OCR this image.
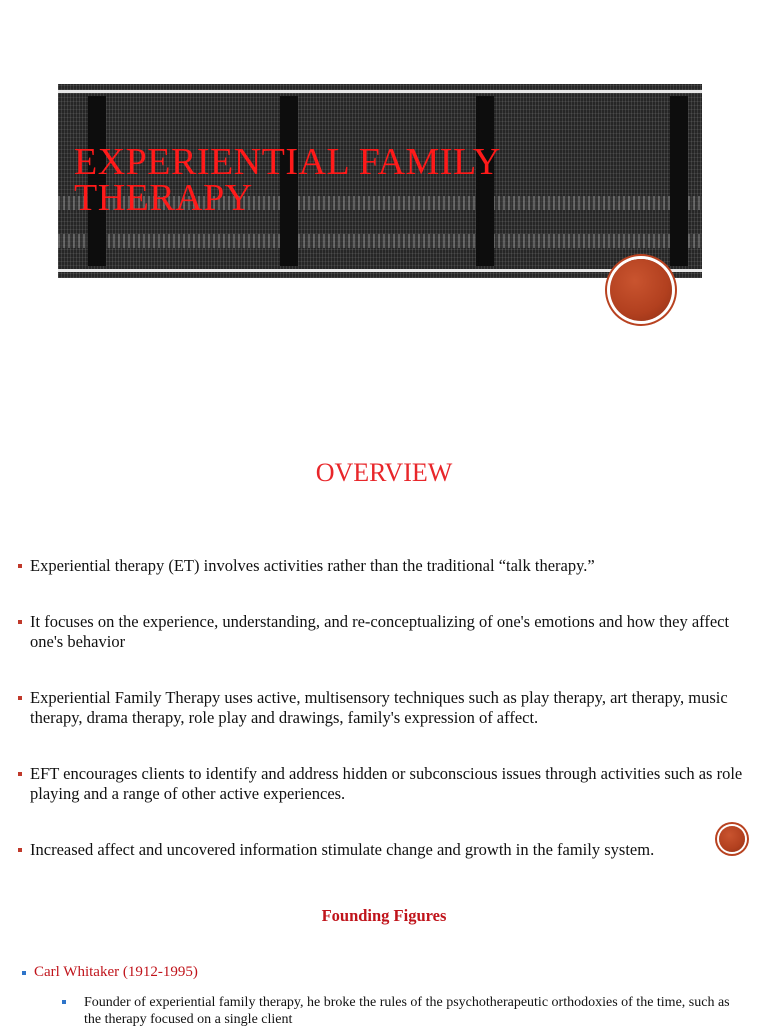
EXPERIENTIAL FAMILY
THERAPY
OVERVIEW
Experiential therapy (ET) involves activities rather than the traditional “talk therapy.”
It focuses on the experience, understanding, and re-conceptualizing of one's emotions and how they affect one's behavior
Experiential Family Therapy uses active, multisensory techniques such as play therapy, art therapy, music therapy, drama therapy, role play and drawings, family's expression of affect.
EFT encourages clients to identify and address hidden or subconscious issues through activities such as role playing and a range of other active experiences.
Increased affect and uncovered information stimulate change and growth in the family system.
Founding Figures
Carl Whitaker (1912-1995)
Founder of experiential family therapy, he broke the rules of the psychotherapeutic orthodoxies of the time, such as the therapy focused on a single client
